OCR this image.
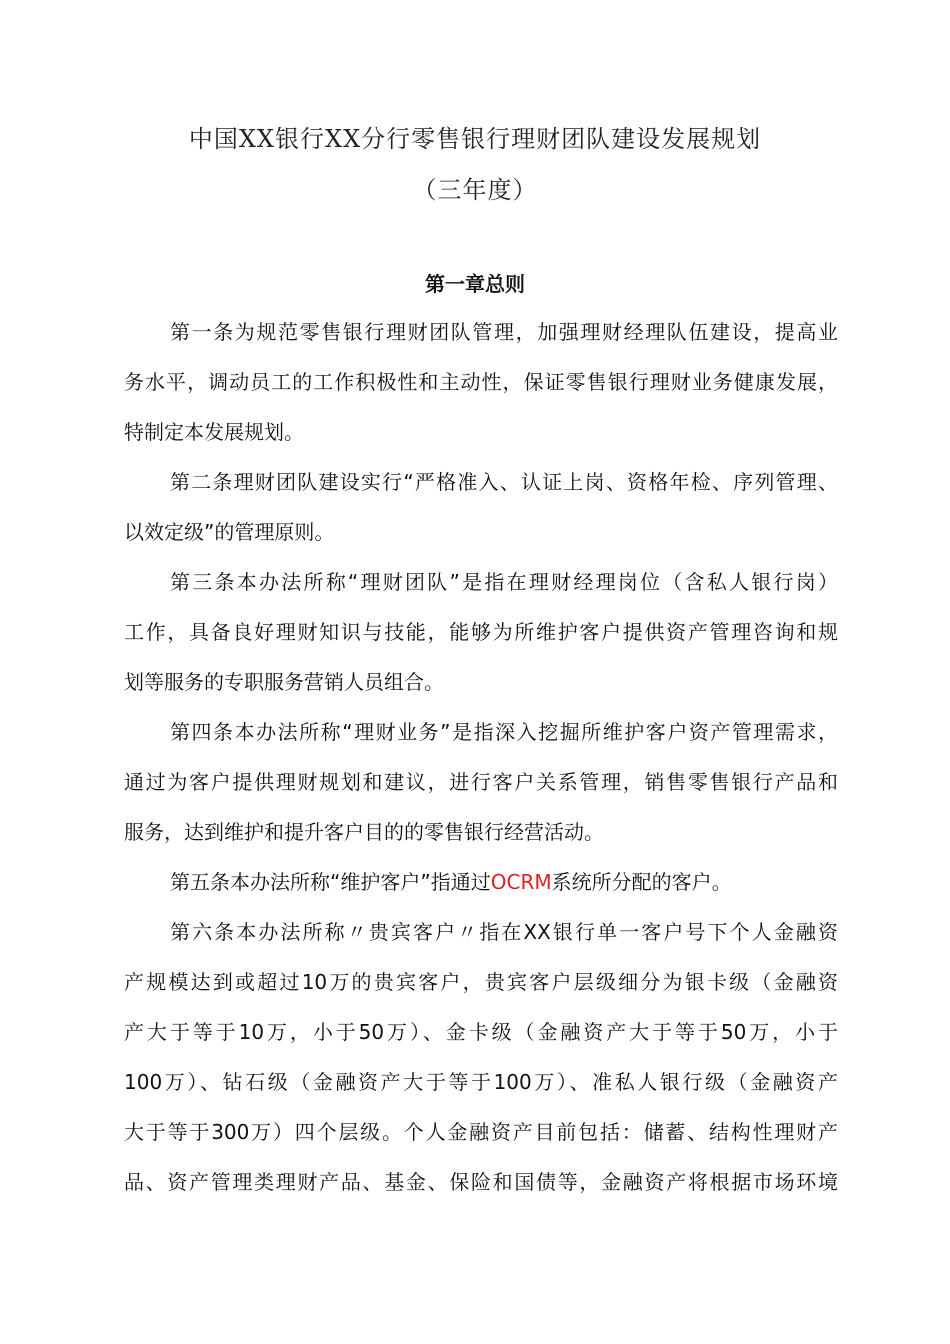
中国XX银行XX分行零售银行理财团队建设发展规划
（三年度）
第一章总则
第一条为规范零售银行理财团队管理，加强理财经理队伍建设，提高业
务水平，调动员工的工作积极性和主动性，保证零售银行理财业务健康发展，
特制定本发展规划。
第二条理财团队建设实行“严格准入、认证上岗、资格年检、序列管理、
以效定级”的管理原则。
第三条本办法所称“理财团队”是指在理财经理岗位（含私人银行岗）
工作，具备良好理财知识与技能，能够为所维护客户提供资产管理咨询和规
划等服务的专职服务营销人员组合。
第四条本办法所称“理财业务”是指深入挖掘所维护客户资产管理需求，
通过为客户提供理财规划和建议，进行客户关系管理，销售零售银行产品和
服务，达到维护和提升客户目的的零售银行经营活动。
第五条本办法所称“维护客户”指通过OCRM系统所分配的客户。
第六条本办法所称〃贵宾客户〃指在XX银行单一客户号下个人金融资
产规模达到或超过10万的贵宾客户，贵宾客户层级细分为银卡级（金融资
产大于等于10万，小于50万）、金卡级（金融资产大于等于50万，小于
100万）、钻石级（金融资产大于等于100万）、准私人银行级（金融资产
大于等于300万）四个层级。个人金融资产目前包括：储蓄、结构性理财产
品、资产管理类理财产品、基金、保险和国债等，金融资产将根据市场环境
